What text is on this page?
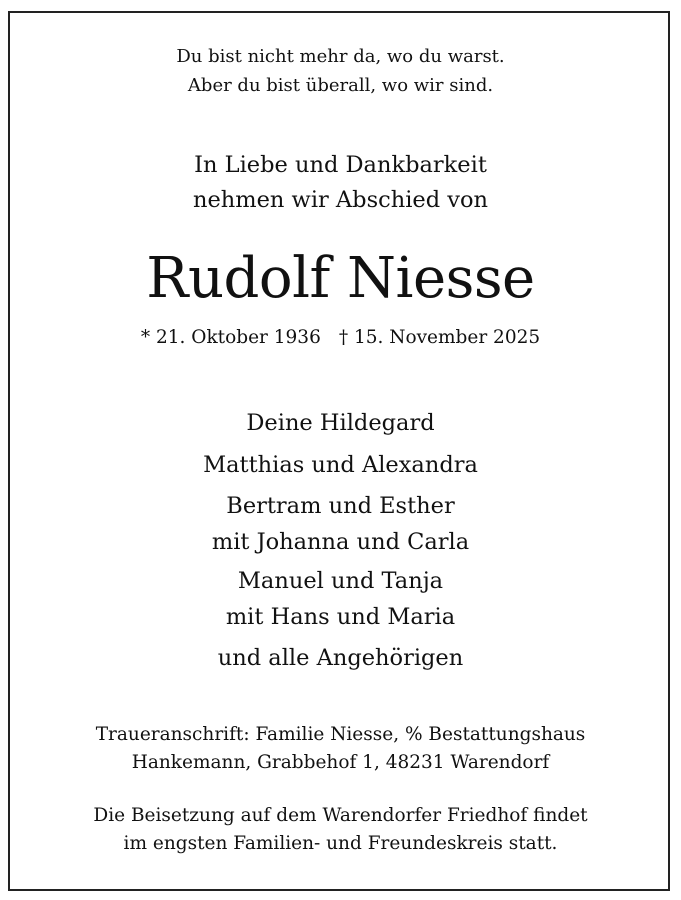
Du bist nicht mehr da, wo du warst.
Aber du bist überall, wo wir sind.
In Liebe und Dankbarkeit
nehmen wir Abschied von
Rudolf Niesse
* 21. Oktober 1936 † 15. November 2025
Deine Hildegard
Matthias und Alexandra
Bertram und Esther
mit Johanna und Carla
Manuel und Tanja
mit Hans und Maria
und alle Angehörigen
Traueranschrift: Familie Niesse, % Bestattungshaus
Hankemann, Grabbehof 1, 48231 Warendorf
Die Beisetzung auf dem Warendorfer Friedhof findet
im engsten Familien- und Freundeskreis statt.
